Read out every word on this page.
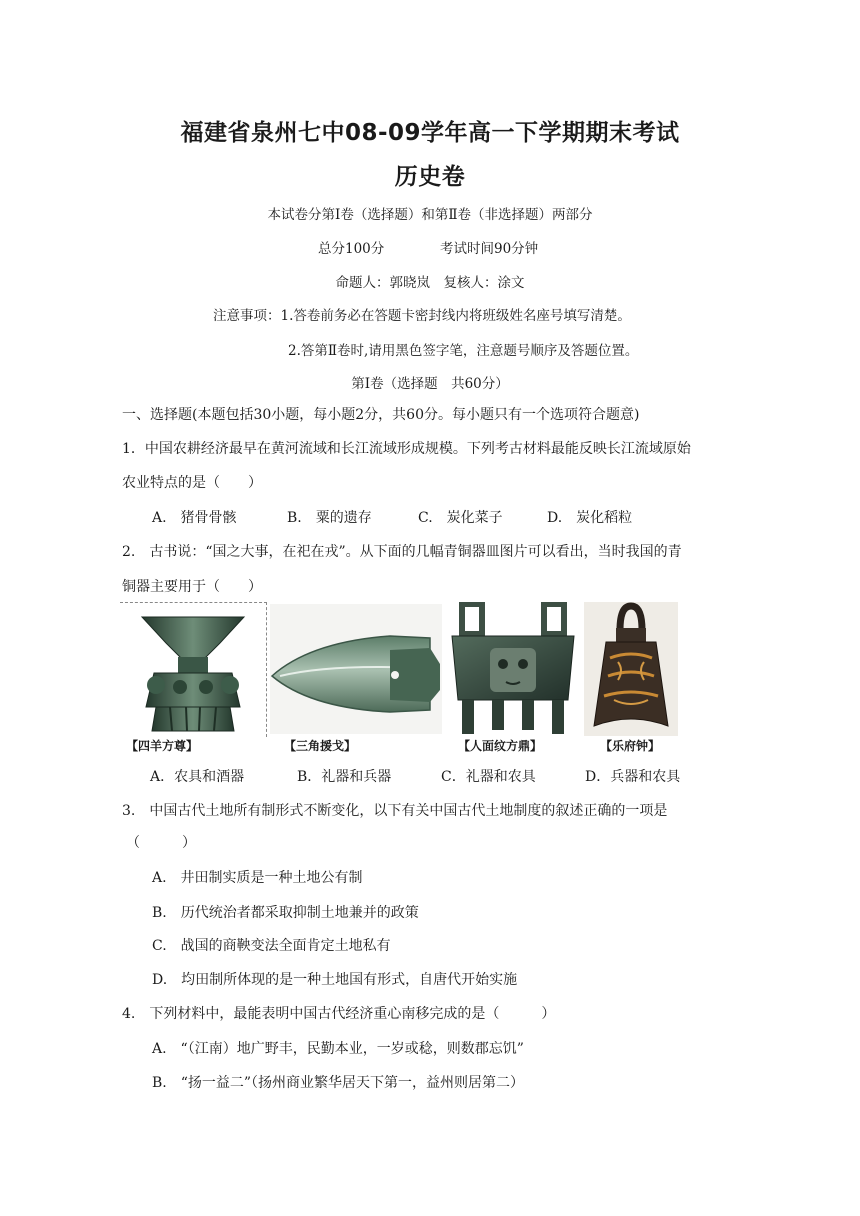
福建省泉州七中08-09学年高一下学期期末考试
历史卷
本试卷分第Ⅰ卷（选择题）和第Ⅱ卷（非选择题）两部分
总分100分	考试时间90分钟
命题人：郭晓岚　复核人：涂文
注意事项：1.答卷前务必在答题卡密封线内将班级姓名座号填写清楚。
2.答第Ⅱ卷时,请用黑色签字笔，注意题号顺序及答题位置。
第Ⅰ卷（选择题　共60分）
一、选择题(本题包括30小题，每小题2分，共60分。每小题只有一个选项符合题意)
1．中国农耕经济最早在黄河流域和长江流域形成规模。下列考古材料最能反映长江流域原始
农业特点的是（　　）
A.　猪骨骨骸	B.　粟的遗存	C.　炭化菜子	D.　炭化稻粒
2.　古书说：“国之大事，在祀在戎”。从下面的几幅青铜器皿图片可以看出，当时我国的青
铜器主要用于（　　）
【四羊方尊】	【三角援戈】	【人面纹方鼎】	【乐府钟】
A．农具和酒器	B．礼器和兵器	C．礼器和农具	D．兵器和农具
3.　中国古代土地所有制形式不断变化，以下有关中国古代土地制度的叙述正确的一项是
（　　　）
A.　井田制实质是一种土地公有制
B.　历代统治者都采取抑制土地兼并的政策
C.　战国的商鞅变法全面肯定土地私有
D.　均田制所体现的是一种土地国有形式，自唐代开始实施
4.　下列材料中，最能表明中国古代经济重心南移完成的是（　　　）
A.　“（江南）地广野丰，民勤本业，一岁或稔，则数郡忘饥”
B.　“扬一益二”（扬州商业繁华居天下第一，益州则居第二）
